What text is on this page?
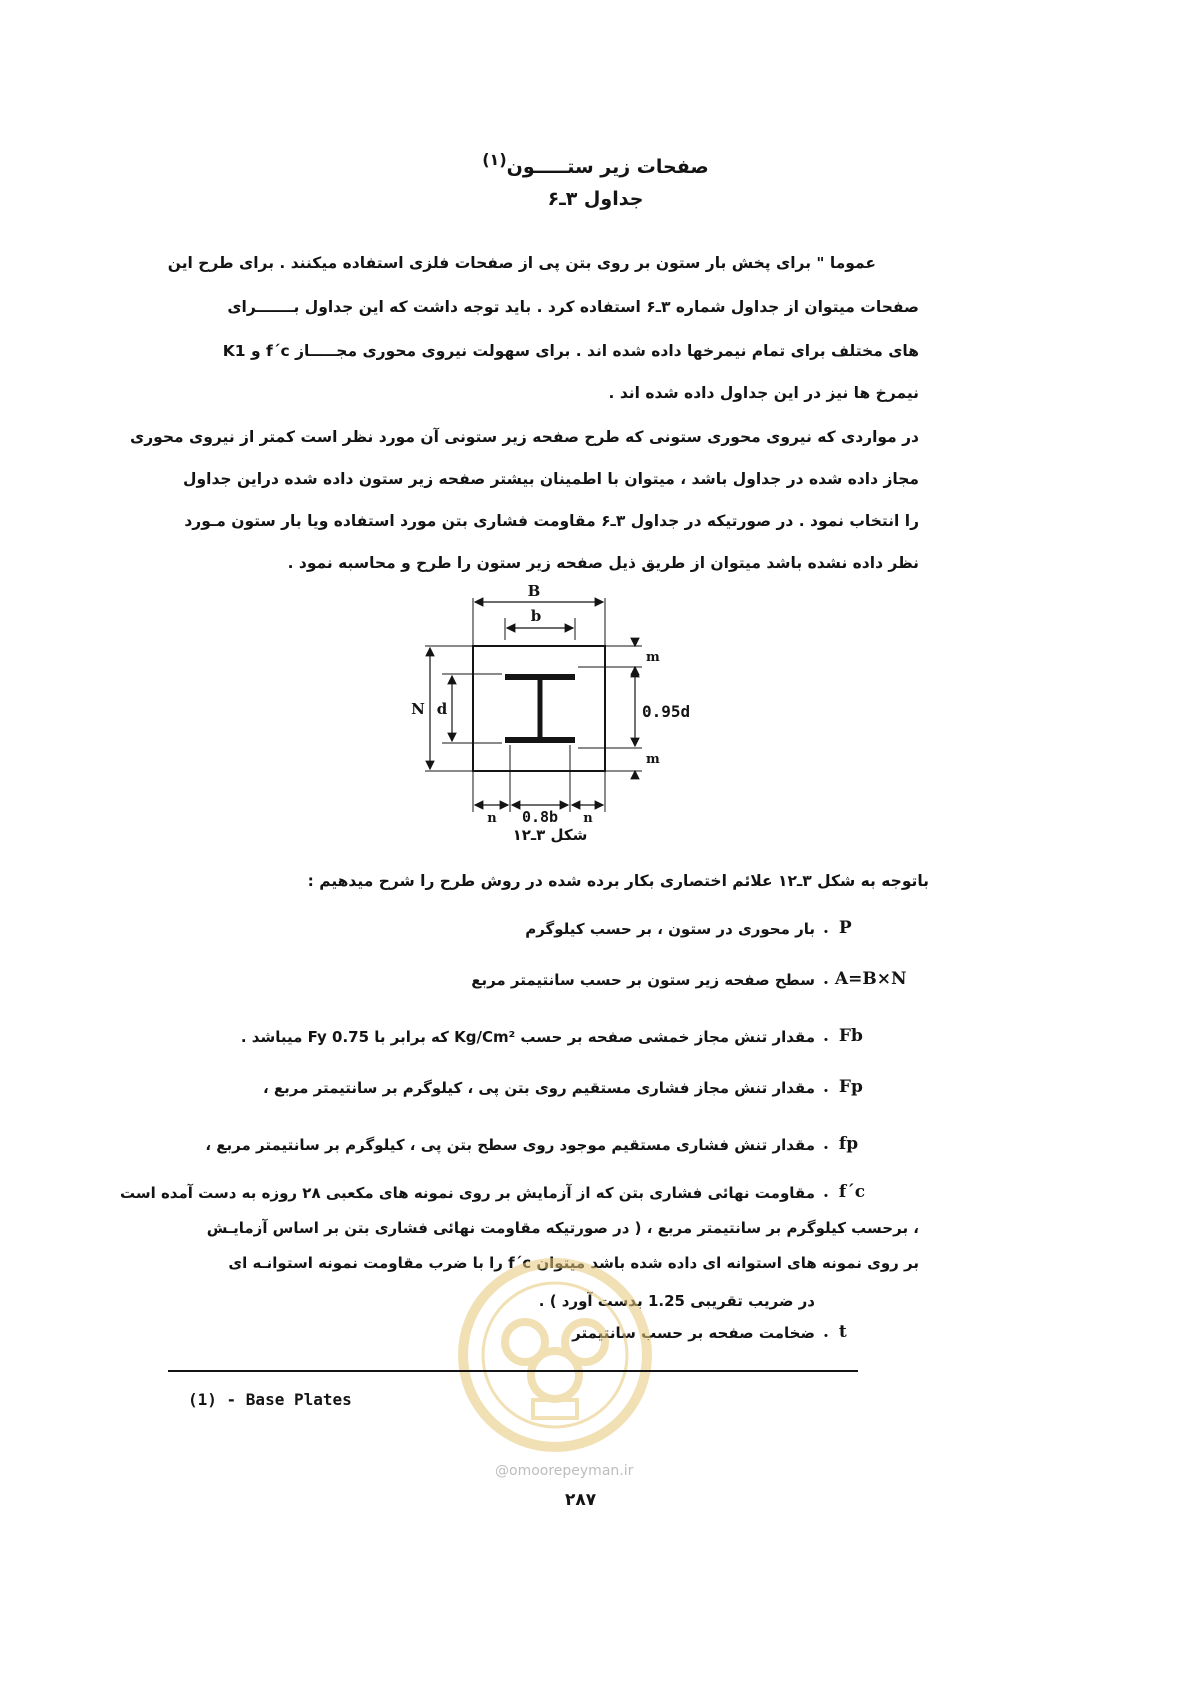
صفحات زیر ستـــــون$^{(۱)}$
جداول ۳ـ۶
عموما " برای پخش بار ستون بر روی بتن پی از صفحات فلزی استفاده میکنند . برای طرح این
صفحات میتوان از جداول شماره ۳ـ۶ استفاده کرد . باید توجه داشت که این جداول بـــــــرای
K1 و f´c های مختلف برای تمام نیمرخها داده شده اند . برای سهولت نیروی محوری مجـــــاز
نیمرخ ها نیز در این جداول داده شده اند .
در مواردی که نیروی محوری ستونی که طرح صفحه زیر ستونی آن مورد نظر است کمتر از نیروی محوری
مجاز داده شده در جداول باشد ، میتوان با اطمینان بیشتر صفحه زیر ستون داده شده دراین جداول
را انتخاب نمود . در صورتیکه در جداول ۳ـ۶ مقاومت فشاری بتن مورد استفاده ویا بار ستون مـورد
نظر داده نشده باشد میتوان از طریق ذیل صفحه زیر ستون را طرح و محاسبه نمود .
B
b
N d
m
0.95d
m
n 0.8b n
شکل ۳ـ۱۲
باتوجه به شکل ۳ـ۱۲ علائم اختصاری بکار برده شده در روش طرح را شرح میدهیم :
. P
بار محوری در ستون ، بر حسب کیلوگرم
. A=B×N
سطح صفحه زیر ستون بر حسب سانتیمتر مربع
. Fb
مقدار تنش مجاز خمشی صفحه بر حسب Kg/Cm² که برابر با 0.75 Fy میباشد .
. Fp
مقدار تنش مجاز فشاری مستقیم روی بتن پی ، کیلوگرم بر سانتیمتر مربع ،
. fp
مقدار تنش فشاری مستقیم موجود روی سطح بتن پی ، کیلوگرم بر سانتیمتر مربع ،
. f´c
مقاومت نهائی فشاری بتن که از آزمایش بر روی نمونه های مکعبی ۲۸ روزه به دست آمده است
، برحسب کیلوگرم بر سانتیمتر مربع ، ( در صورتیکه مقاومت نهائی فشاری بتن بر اساس آزمایـش
بر روی نمونه های استوانه ای داده شده باشد میتوان f´c را با ضرب مقاومت نمونه استوانـه ای
در ضریب تقریبی 1.25 بدست آورد ) .
. t
ضخامت صفحه بر حسب سانتیمتر
@omoorepeyman.ir
(1) - Base Plates
۲۸۷
